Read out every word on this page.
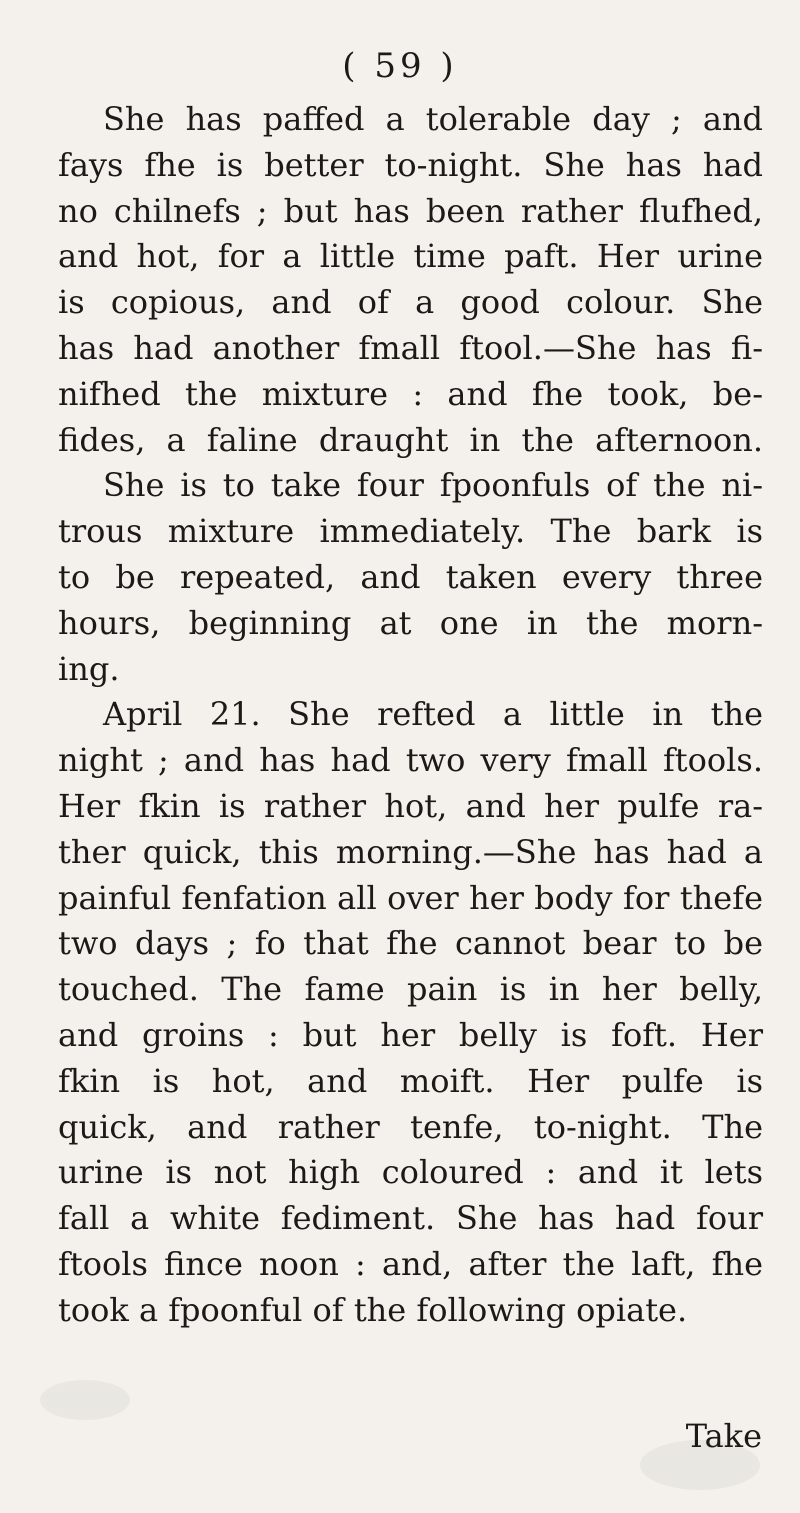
( 59 )
She has paffed a tolerable day ; and
fays fhe is better to-night. She has had
no chilnefs ; but has been rather flufhed,
and hot, for a little time paft. Her urine
is copious, and of a good colour. She
has had another fmall ftool.—She has fi-
nifhed the mixture : and fhe took, be-
fides, a faline draught in the afternoon.
She is to take four fpoonfuls of the ni-
trous mixture immediately. The bark is
to be repeated, and taken every three
hours, beginning at one in the morn-
ing.
April 21. She refted a little in the
night ; and has had two very fmall ftools.
Her fkin is rather hot, and her pulfe ra-
ther quick, this morning.—She has had a
painful fenfation all over her body for thefe
two days ; fo that fhe cannot bear to be
touched. The fame pain is in her belly,
and groins : but her belly is foft. Her
fkin is hot, and moift. Her pulfe is
quick, and rather tenfe, to-night. The
urine is not high coloured : and it lets
fall a white fediment. She has had four
ftools fince noon : and, after the laft, fhe
took a fpoonful of the following opiate.
Take
